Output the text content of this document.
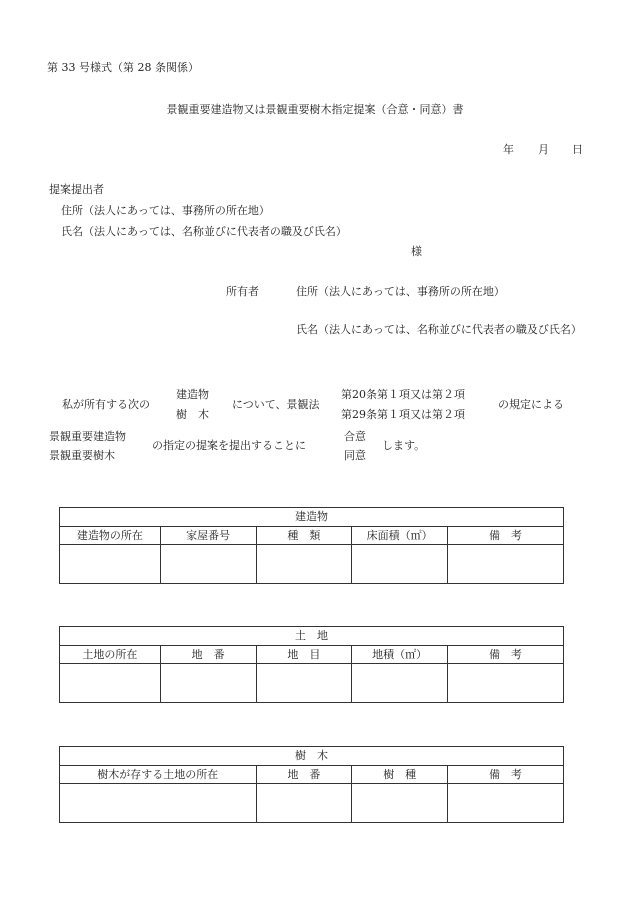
第 33 号様式（第 28 条関係）
景観重要建造物又は景観重要樹木指定提案（合意・同意）書
年 月 日
提案提出者
住所（法人にあっては、事務所の所在地）
氏名（法人にあっては、名称並びに代表者の職及び氏名）
様
所有者	住所（法人にあっては、事務所の所在地）
氏名（法人にあっては、名称並びに代表者の職及び氏名）
私が所有する次の
建造物
樹　木
について、景観法
第20条第１項又は第２項
第29条第１項又は第２項
の規定による
景観重要建造物
景観重要樹木
の指定の提案を提出することに
合意
同意
します。
建造物				
建造物の所在	家屋番号	種　類	床面積（㎡）	備　考

土　地				
土地の所在	地　番	地　目	地積（㎡）	備　考

樹　木			
樹木が存する土地の所在	地　番	樹　種	備　考
